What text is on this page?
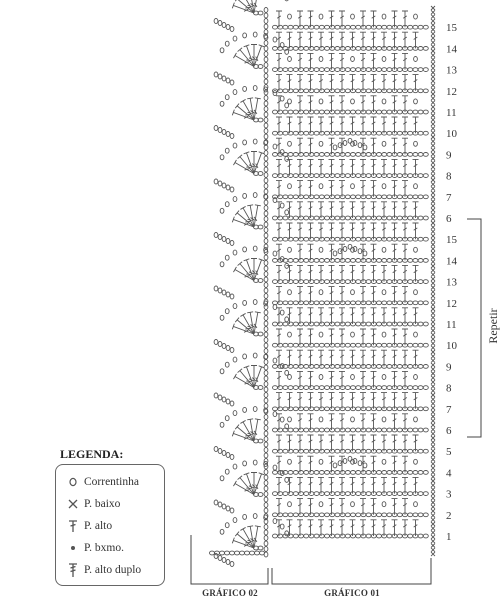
1
2
3
4
5
6
7
8
9
10
11
12
13
14
15
6
7
8
9
10
11
12
13
14
15
Repetir
GRÁFICO 02	GRÁFICO 01
LEGENDA:
Correntinha
P. baixo
P. alto
P. bxmo.
P. alto duplo
